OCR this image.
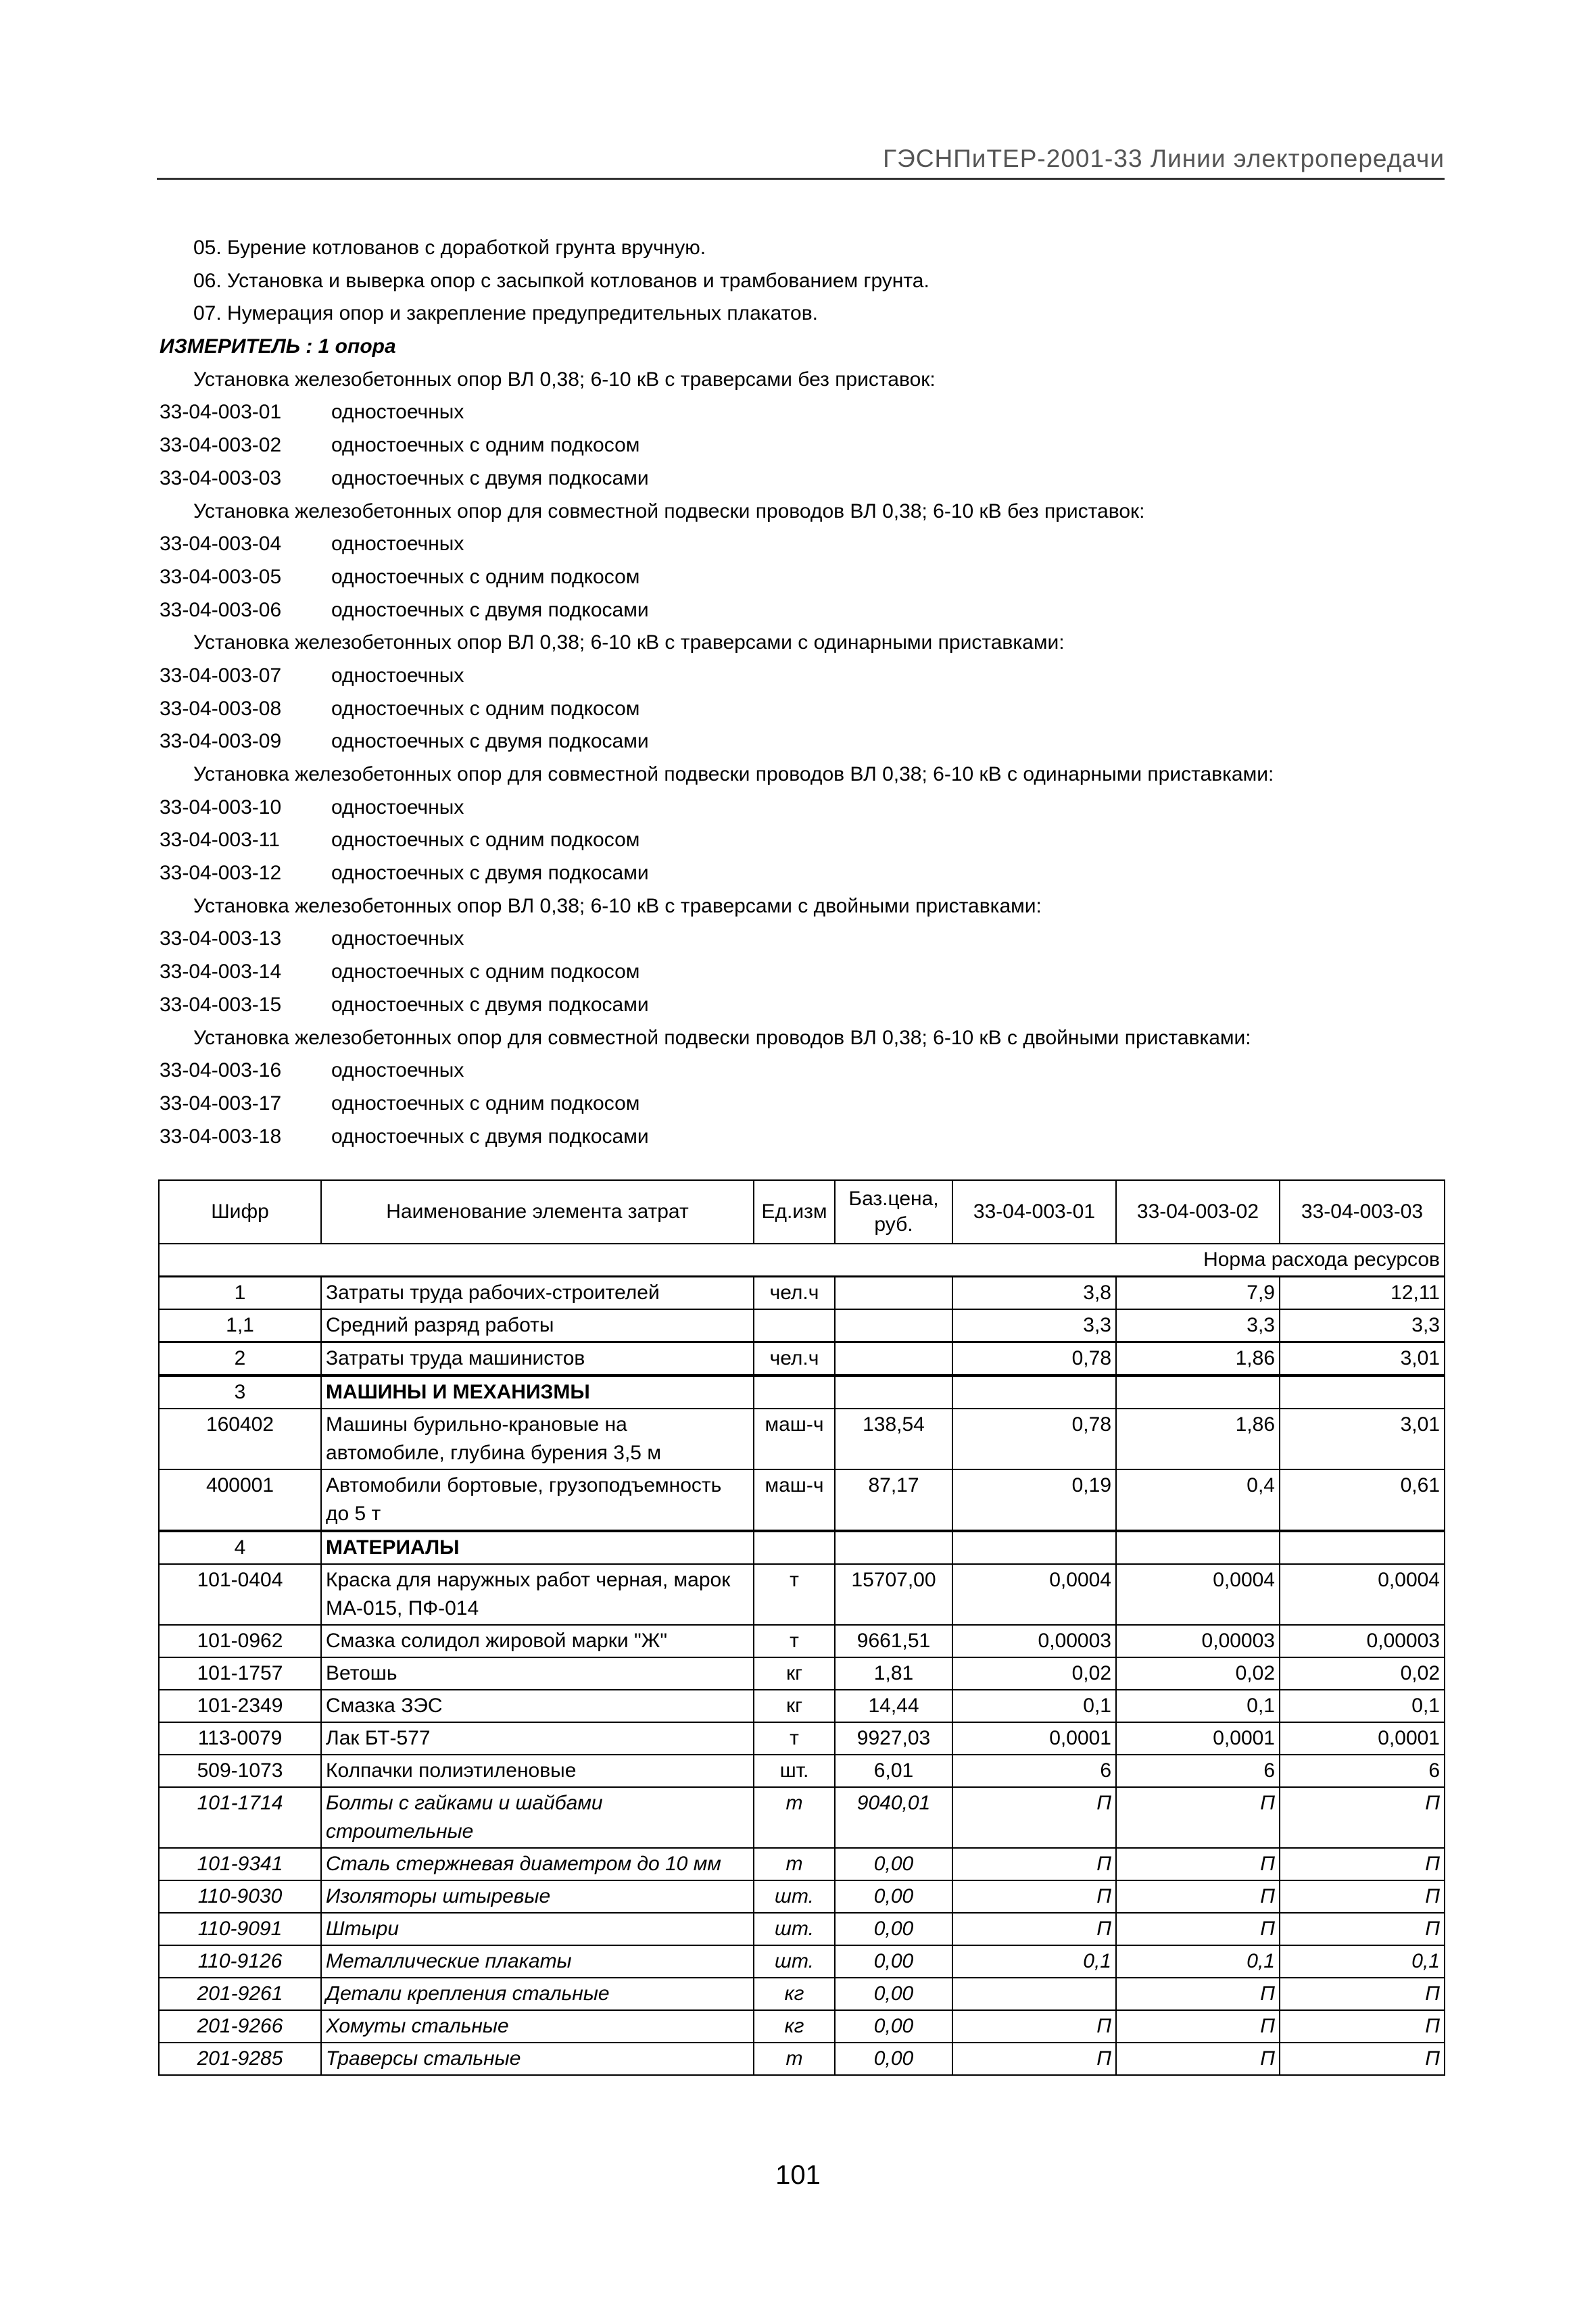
ГЭСНПиТЕР-2001-33 Линии электропередачи
05. Бурение котлованов с доработкой грунта вручную.
06. Установка и выверка опор с засыпкой котлованов и трамбованием грунта.
07. Нумерация опор и закрепление предупредительных плакатов.
ИЗМЕРИТЕЛЬ : 1 опора
Установка железобетонных опор ВЛ 0,38; 6-10 кВ с траверсами без приставок:
33-04-003-01 одностоечных
33-04-003-02 одностоечных с одним подкосом
33-04-003-03 одностоечных с двумя подкосами
Установка железобетонных опор для совместной подвески проводов ВЛ 0,38; 6-10 кВ без приставок:
33-04-003-04 одностоечных
33-04-003-05 одностоечных с одним подкосом
33-04-003-06 одностоечных с двумя подкосами
Установка железобетонных опор ВЛ 0,38; 6-10 кВ с траверсами с одинарными приставками:
33-04-003-07 одностоечных
33-04-003-08 одностоечных с одним подкосом
33-04-003-09 одностоечных с двумя подкосами
Установка железобетонных опор для совместной подвески проводов ВЛ 0,38; 6-10 кВ с одинарными приставками:
33-04-003-10 одностоечных
33-04-003-11	одностоечных с одним подкосом
33-04-003-12 одностоечных с двумя подкосами
Установка железобетонных опор ВЛ 0,38; 6-10 кВ с траверсами с двойными приставками:
33-04-003-13 одностоечных
33-04-003-14 одностоечных с одним подкосом
33-04-003-15 одностоечных с двумя подкосами
Установка железобетонных опор для совместной подвески проводов ВЛ 0,38; 6-10 кВ с двойными приставками:
33-04-003-16 одностоечных
33-04-003-17 одностоечных с одним подкосом
33-04-003-18 одностоечных с двумя подкосами
Шифр	Наименование элемента затрат	Ед.изм	Баз.цена, руб.	33-04-003-01	33-04-003-02	33-04-003-03
Норма расхода ресурсов						
1	Затраты труда рабочих-строителей	чел.ч		3,8	7,9	12,11
1,1	Средний разряд работы			3,3	3,3	3,3
2	Затраты труда машинистов	чел.ч		0,78	1,86	3,01
3	МАШИНЫ И МЕХАНИЗМЫ					
160402	Машины бурильно-крановые на автомобиле, глубина бурения 3,5 м	маш-ч	138,54	0,78	1,86	3,01
400001	Автомобили бортовые, грузоподъемность до 5 т	маш-ч	87,17	0,19	0,4	0,61
4	МАТЕРИАЛЫ					
101-0404	Краска для наружных работ черная, марок МА-015, ПФ-014	т	15707,00	0,0004	0,0004	0,0004
101-0962	Смазка солидол жировой марки "Ж"	т	9661,51	0,00003	0,00003	0,00003
101-1757	Ветошь	кг	1,81	0,02	0,02	0,02
101-2349	Смазка ЗЭС	кг	14,44	0,1	0,1	0,1
113-0079	Лак БТ-577	т	9927,03	0,0001	0,0001	0,0001
509-1073	Колпачки полиэтиленовые	шт.	6,01	6	6	6
101-1714	Болты с гайками и шайбами строительные	т	9040,01	П	П	П
101-9341	Сталь стержневая диаметром до 10 мм	т	0,00	П	П	П
110-9030	Изоляторы штыревые	шт.	0,00	П	П	П
110-9091	Штыри	шт.	0,00	П	П	П
110-9126	Металлические плакаты	шт.	0,00	0,1	0,1	0,1
201-9261	Детали крепления стальные	кг	0,00		П	П
201-9266	Хомуты стальные	кг	0,00	П	П	П
201-9285	Траверсы стальные	т	0,00	П	П	П
101
